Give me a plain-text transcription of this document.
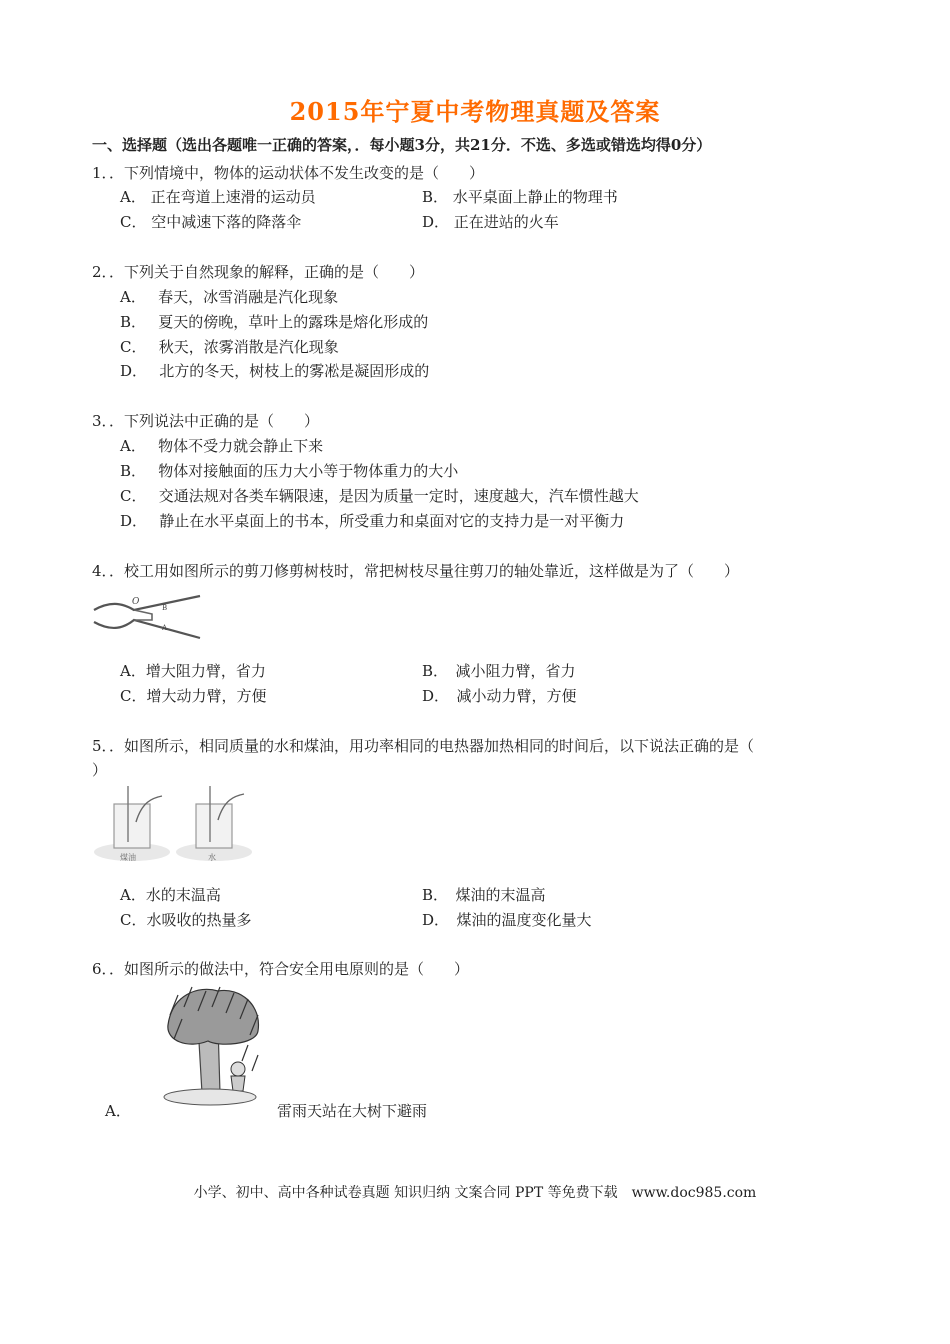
2015年宁夏中考物理真题及答案
一、选择题（选出各题唯一正确的答案，．每小题3分，共21分．不选、多选或错选均得0分）
1．．下列情境中，物体的运动状体不发生改变的是（　　）
A． 正在弯道上速滑的运动员	B． 水平桌面上静止的物理书
C． 空中减速下落的降落伞	D． 正在进站的火车
2．．下列关于自然现象的解释，正确的是（　　）
A．　 春天，冰雪消融是汽化现象
B．　 夏天的傍晚，草叶上的露珠是熔化形成的
C．　 秋天，浓雾消散是汽化现象
D．　 北方的冬天，树枝上的雾凇是凝固形成的
3．．下列说法中正确的是（　　）
A．　 物体不受力就会静止下来
B．　 物体对接触面的压力大小等于物体重力的大小
C．　 交通法规对各类车辆限速，是因为质量一定时，速度越大，汽车惯性越大
D．　 静止在水平桌面上的书本，所受重力和桌面对它的支持力是一对平衡力
4．．校工用如图所示的剪刀修剪树枝时，常把树枝尽量往剪刀的轴处靠近，这样做是为了（　　）
O
B
A
A．增大阻力臂，省力	B．　减小阻力臂，省力
C．增大动力臂，方便	D．　减小动力臂，方便
5．．如图所示，相同质量的水和煤油，用功率相同的电热器加热相同的时间后，以下说法正确的是（
）
煤油	水
A．水的末温高	B．　煤油的末温高
C．水吸收的热量多	D．　煤油的温度变化量大
6．．如图所示的做法中，符合安全用电原则的是（　　）
A．	雷雨天站在大树下避雨
小学、初中、高中各种试卷真题 知识归纳 文案合同 PPT 等免费下载　www.doc985.com
